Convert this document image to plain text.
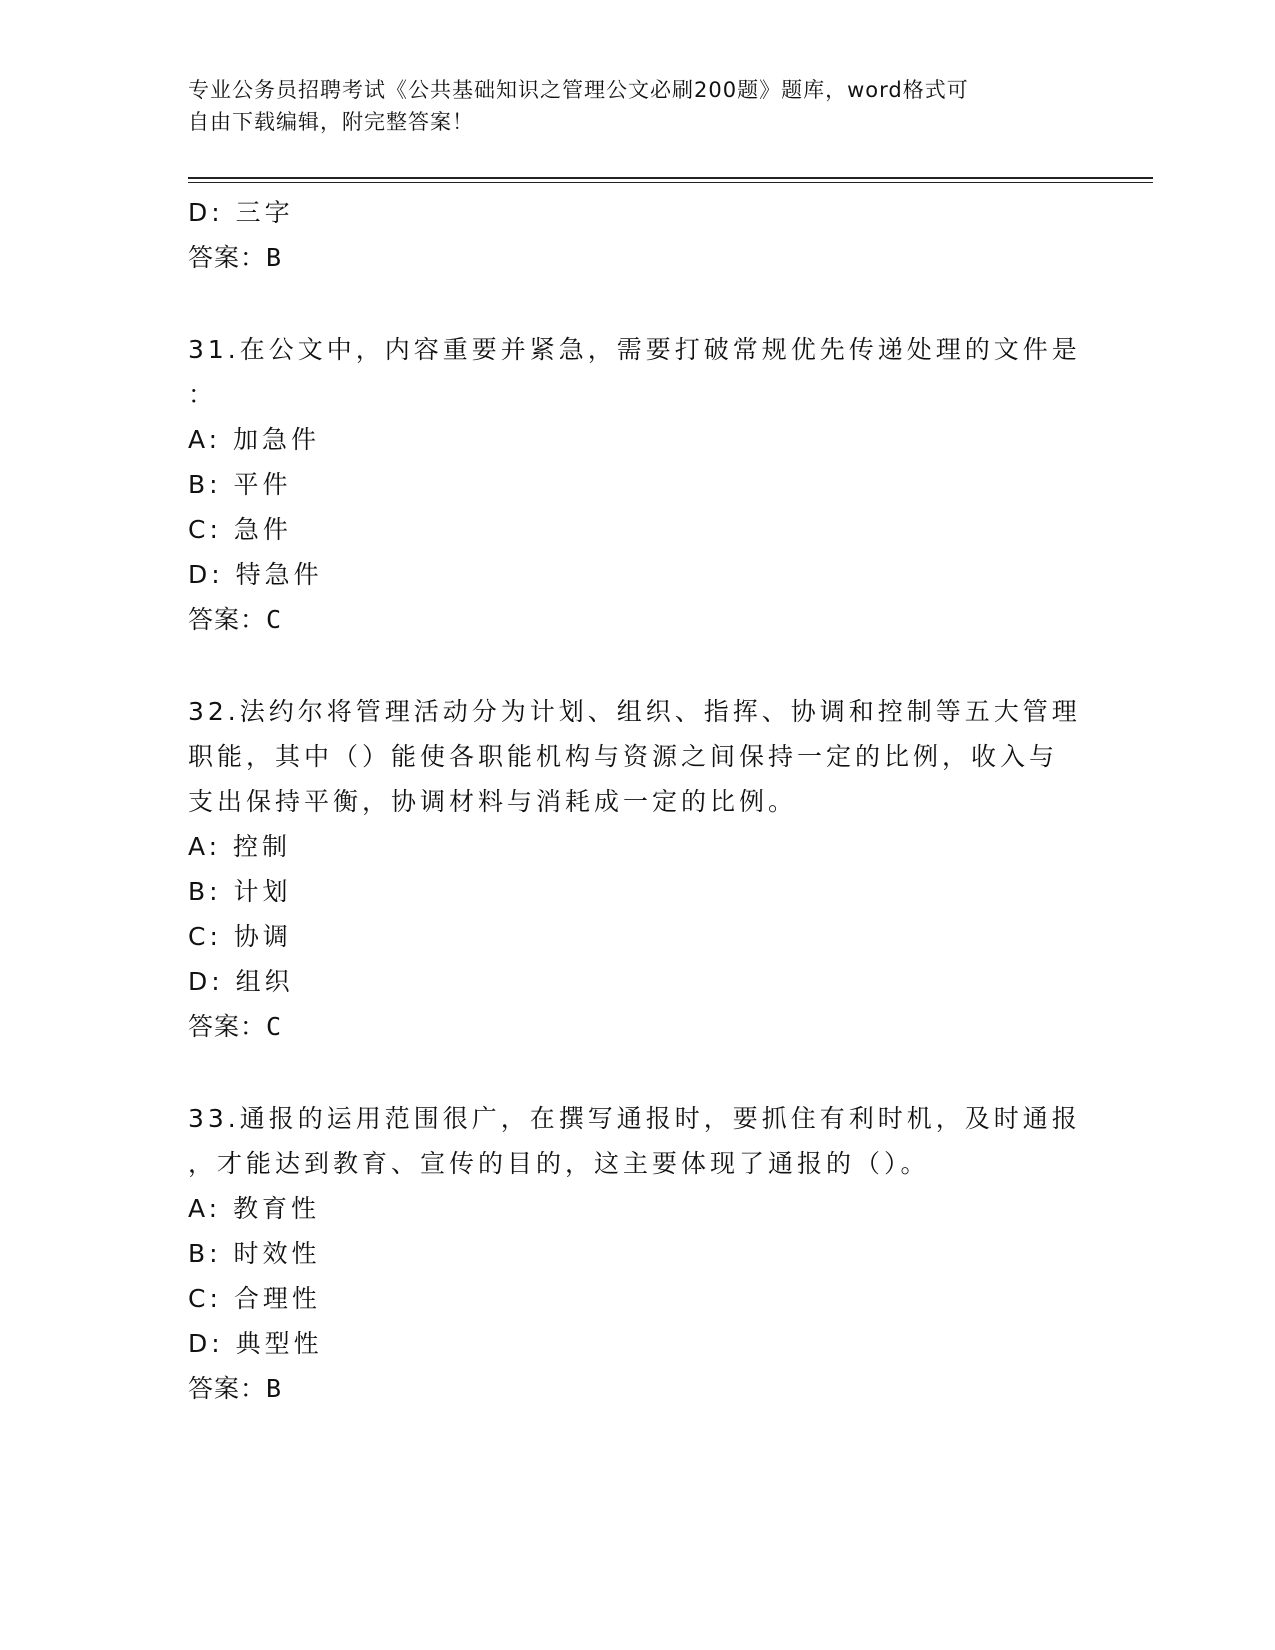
专业公务员招聘考试《公共基础知识之管理公文必刷200题》题库，word格式可
自由下载编辑，附完整答案！
D: 三字
答案：B
31.在公文中，内容重要并紧急，需要打破常规优先传递处理的文件是
：
A: 加急件
B: 平件
C: 急件
D: 特急件
答案：C
32.法约尔将管理活动分为计划、组织、指挥、协调和控制等五大管理
职能，其中（）能使各职能机构与资源之间保持一定的比例，收入与
支出保持平衡，协调材料与消耗成一定的比例。
A: 控制
B: 计划
C: 协调
D: 组织
答案：C
33.通报的运用范围很广，在撰写通报时，要抓住有利时机，及时通报
，才能达到教育、宣传的目的，这主要体现了通报的（）。
A: 教育性
B: 时效性
C: 合理性
D: 典型性
答案：B
